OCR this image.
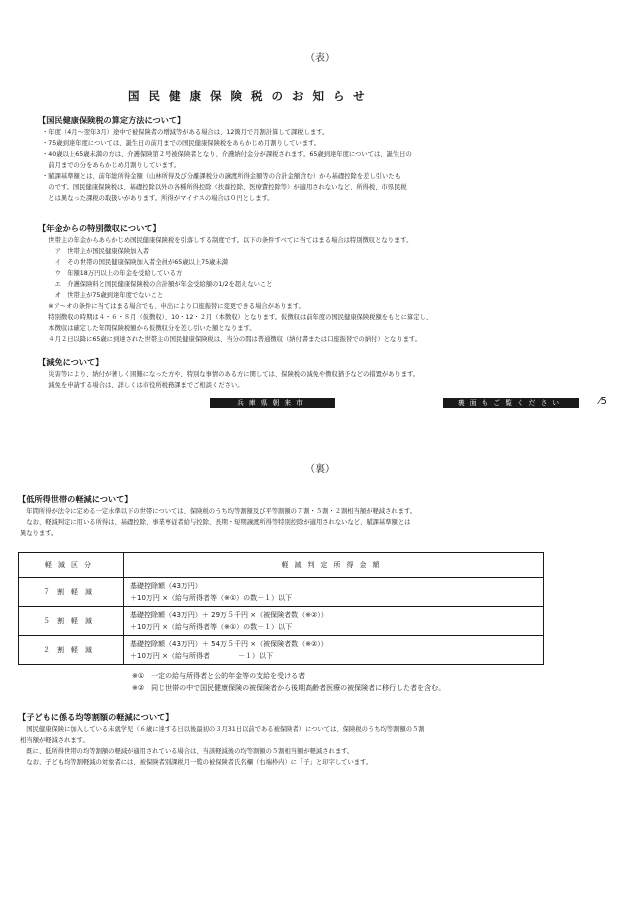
（表）
国民健康保険税のお知らせ
【国民健康保険税の算定方法について】
・年度（4月～翌年3月）途中で被保険者の増減等がある場合は、12箇月で月割計算して課税します。
・75歳到達年度については、誕生日の前月までの国民健康保険税をあらかじめ月割りしています。
・40歳以上65歳未満の方は、介護保険第２号被保険者となり、介護納付金分が課税されます。65歳到達年度については、誕生日の
　前月までの分をあらかじめ月割りしています。
・賦課基準額とは、前年総所得金額（山林所得及び分離課税分の譲渡所得金額等の合計金額含む）から基礎控除を差し引いたも
　のです。国民健康保険税は、基礎控除以外の各種所得控除（扶養控除、医療費控除等）が適用されないなど、所得税、市県民税
　とは異なった課税の取扱いがあります。所得がマイナスの場合は０円とします。
【年金からの特別徴収について】
　世帯主の年金からあらかじめ国民健康保険税を引落しする制度です。以下の条件すべてに当てはまる場合は特別徴収となります。
　　ア　世帯主が国民健康保険加入者
　　イ　その世帯の国民健康保険加入者全員が65歳以上75歳未満
　　ウ　年額18万円以上の年金を受給している方
　　エ　介護保険料と国民健康保険税の合計額が年金受給額の1/2を超えないこと
　　オ　世帯主が75歳到達年度でないこと
　※ア～オの条件に当てはまる場合でも、申出により口座振替に変更できる場合があります。
　特別徴収の時期は４・６・８月（仮徴収）、10・12・２月（本徴収）となります。仮徴収は前年度の国民健康保険税額をもとに算定し、
　本徴収は確定した年間保険税額から仮徴収分を差し引いた額となります。
　４月２日以降に65歳に到達された世帯主の国民健康保険税は、当分の間は普通徴収（納付書または口座振替での納付）となります。
【減免について】
　災害等により、納付が著しく困難になった方や、特別な事情のある方に関しては、保険税の減免や徴収猶予などの措置があります。
　減免を申請する場合は、詳しくは市役所税務課までご相談ください。
兵庫県朝来市	裏面もご覧ください	⁄5
（裏）
【低所得世帯の軽減について】
　年間所得が法令に定める一定水準以下の世帯については、保険税のうち均等割額及び平等割額の７割・５割・２割相当額が軽減されます。
　なお、軽減判定に用いる所得は、基礎控除、事業専従者給与控除、長期・短期譲渡所得等特別控除が適用されないなど、賦課基準額とは
異なります。
軽減区分	軽減判定所得金額
７割軽減	基礎控除額（43万円）
＋10万円 ×（給与所得者等（※①）の数－１）以下

５割軽減	基礎控除額（43万円）＋ 29万５千円 ×（被保険者数（※②））
＋10万円 ×（給与所得者等（※①）の数－１）以下

２割軽減	基礎控除額（43万円）＋ 54万５千円 ×（被保険者数（※②））
＋10万円 ×（給与所得者　　　　－１）以下
※①　一定の給与所得者と公的年金等の支給を受ける者
※②　同じ世帯の中で国民健康保険の被保険者から後期高齢者医療の被保険者に移行した者を含む。
【子どもに係る均等割額の軽減について】
　国民健康保険に加入している未就学児（６歳に達する日以後最初の３月31日以前である被保険者）については、保険税のうち均等割額の５割
相当額が軽減されます。
　既に、低所得世帯の均等割額の軽減が適用されている場合は、当該軽減後の均等割額の５割相当額が軽減されます。
　なお、子ども均等割軽減の対象者には、被保険者別課税月一覧の被保険者氏名欄（右端枠内）に「子」と印字しています。
